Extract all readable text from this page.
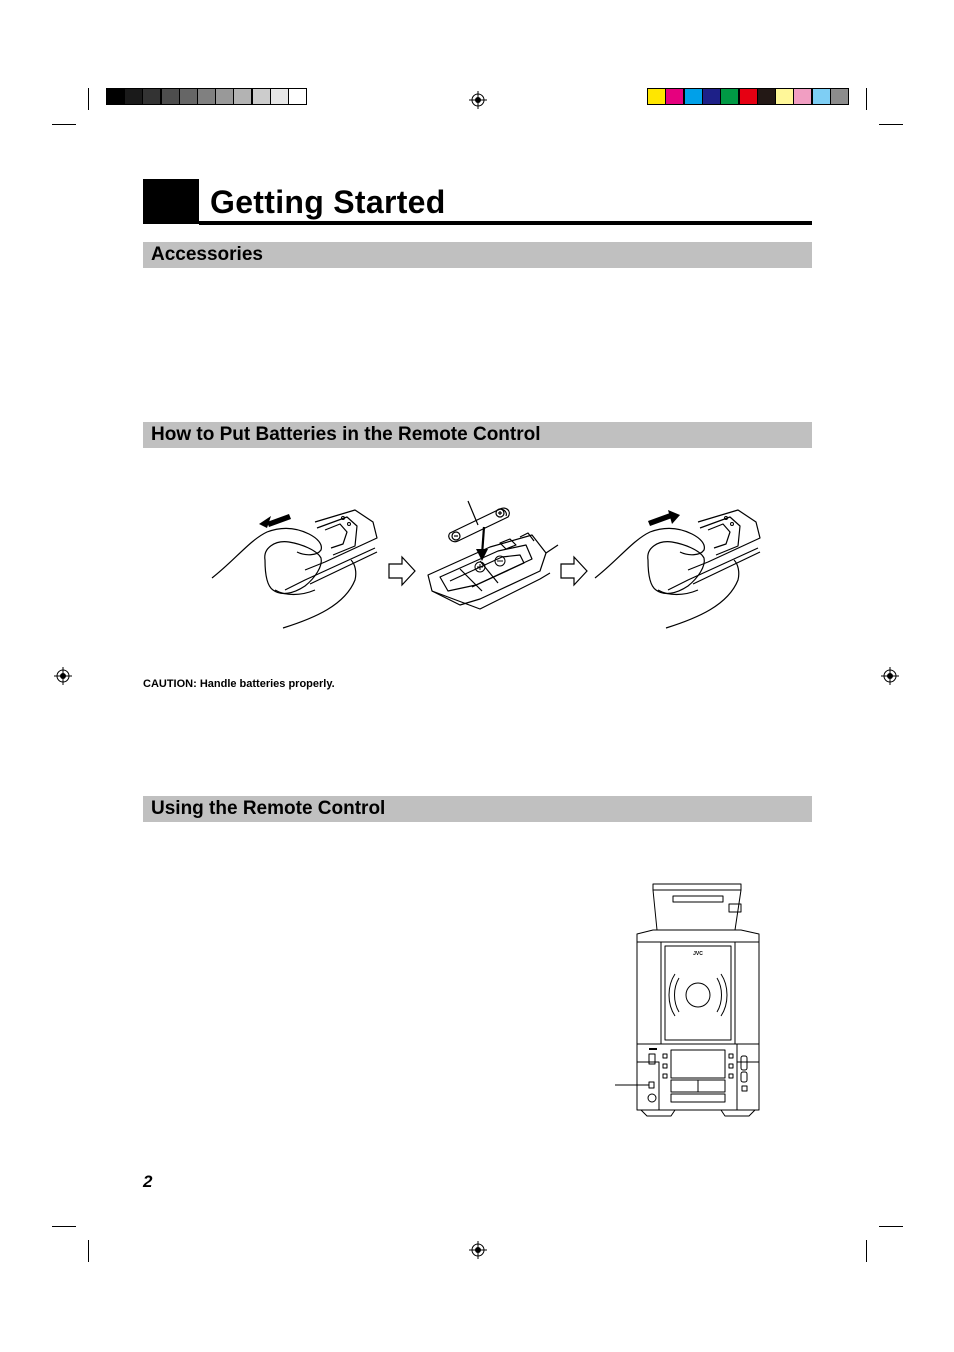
Getting Started
Accessories
How to Put Batteries in the Remote Control
Using the Remote Control
CAUTION: Handle batteries properly.
JVC
2
